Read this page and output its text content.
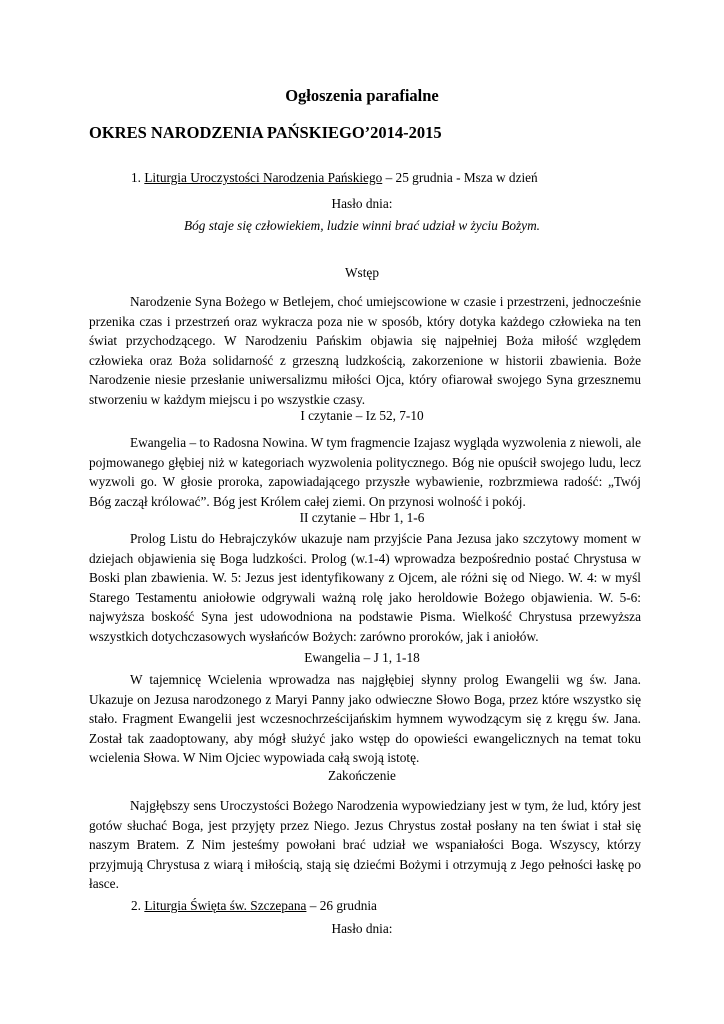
Ogłoszenia parafialne
OKRES NARODZENIA PAŃSKIEGO’2014-2015

1. Liturgia Uroczystości Narodzenia Pańskiego – 25 grudnia - Msza w dzień

Hasło dnia:

Bóg staje się człowiekiem, ludzie winni brać udział w życiu Bożym.

Wstęp

Narodzenie Syna Bożego w Betlejem, choć umiejscowione w czasie i przestrzeni, jednocześnie przenika czas i przestrzeń oraz wykracza poza nie w sposób, który dotyka każdego człowieka na ten świat przychodzącego. W Narodzeniu Pańskim objawia się najpełniej Boża miłość względem człowieka oraz Boża solidarność z grzeszną ludzkością, zakorzenione w historii zbawienia. Boże Narodzenie niesie przesłanie uniwersalizmu miłości Ojca, który ofiarował swojego Syna grzesznemu stworzeniu w każdym miejscu i po wszystkie czasy.

I czytanie – Iz 52, 7-10

Ewangelia – to Radosna Nowina. W tym fragmencie Izajasz wygląda wyzwolenia z niewoli, ale pojmowanego głębiej niż w kategoriach wyzwolenia politycznego. Bóg nie opuścił swojego ludu, lecz wyzwoli go. W głosie proroka, zapowiadającego przyszłe wybawienie, rozbrzmiewa radość: „Twój Bóg zaczął królować”. Bóg jest Królem całej ziemi. On przynosi wolność i pokój.

II czytanie – Hbr 1, 1-6

Prolog Listu do Hebrajczyków ukazuje nam przyjście Pana Jezusa jako szczytowy moment w dziejach objawienia się Boga ludzkości. Prolog (w.1-4) wprowadza bezpośrednio postać Chrystusa w Boski plan zbawienia. W. 5: Jezus jest identyfikowany z Ojcem, ale różni się od Niego. W. 4: w myśl Starego Testamentu aniołowie odgrywali ważną rolę jako heroldowie Bożego objawienia. W. 5-6: najwyższa boskość Syna jest udowodniona na podstawie Pisma. Wielkość Chrystusa przewyższa wszystkich dotychczasowych wysłańców Bożych: zarówno proroków, jak i aniołów.

Ewangelia – J 1, 1-18

W tajemnicę Wcielenia wprowadza nas najgłębiej słynny prolog Ewangelii wg św. Jana. Ukazuje on Jezusa narodzonego z Maryi Panny jako odwieczne Słowo Boga, przez które wszystko się stało. Fragment Ewangelii jest wczesnochrześcijańskim hymnem wywodzącym się z kręgu św. Jana. Został tak zaadoptowany, aby mógł służyć jako wstęp do opowieści ewangelicznych na temat toku wcielenia Słowa. W Nim Ojciec wypowiada całą swoją istotę.

Zakończenie

Najgłębszy sens Uroczystości Bożego Narodzenia wypowiedziany jest w tym, że lud, który jest gotów słuchać Boga, jest przyjęty przez Niego. Jezus Chrystus został posłany na ten świat i stał się naszym Bratem. Z Nim jesteśmy powołani brać udział we wspaniałości Boga. Wszyscy, którzy przyjmują Chrystusa z wiarą i miłością, stają się dziećmi Bożymi i otrzymują z Jego pełności łaskę po łasce.

2. Liturgia Święta św. Szczepana – 26 grudnia

Hasło dnia:
